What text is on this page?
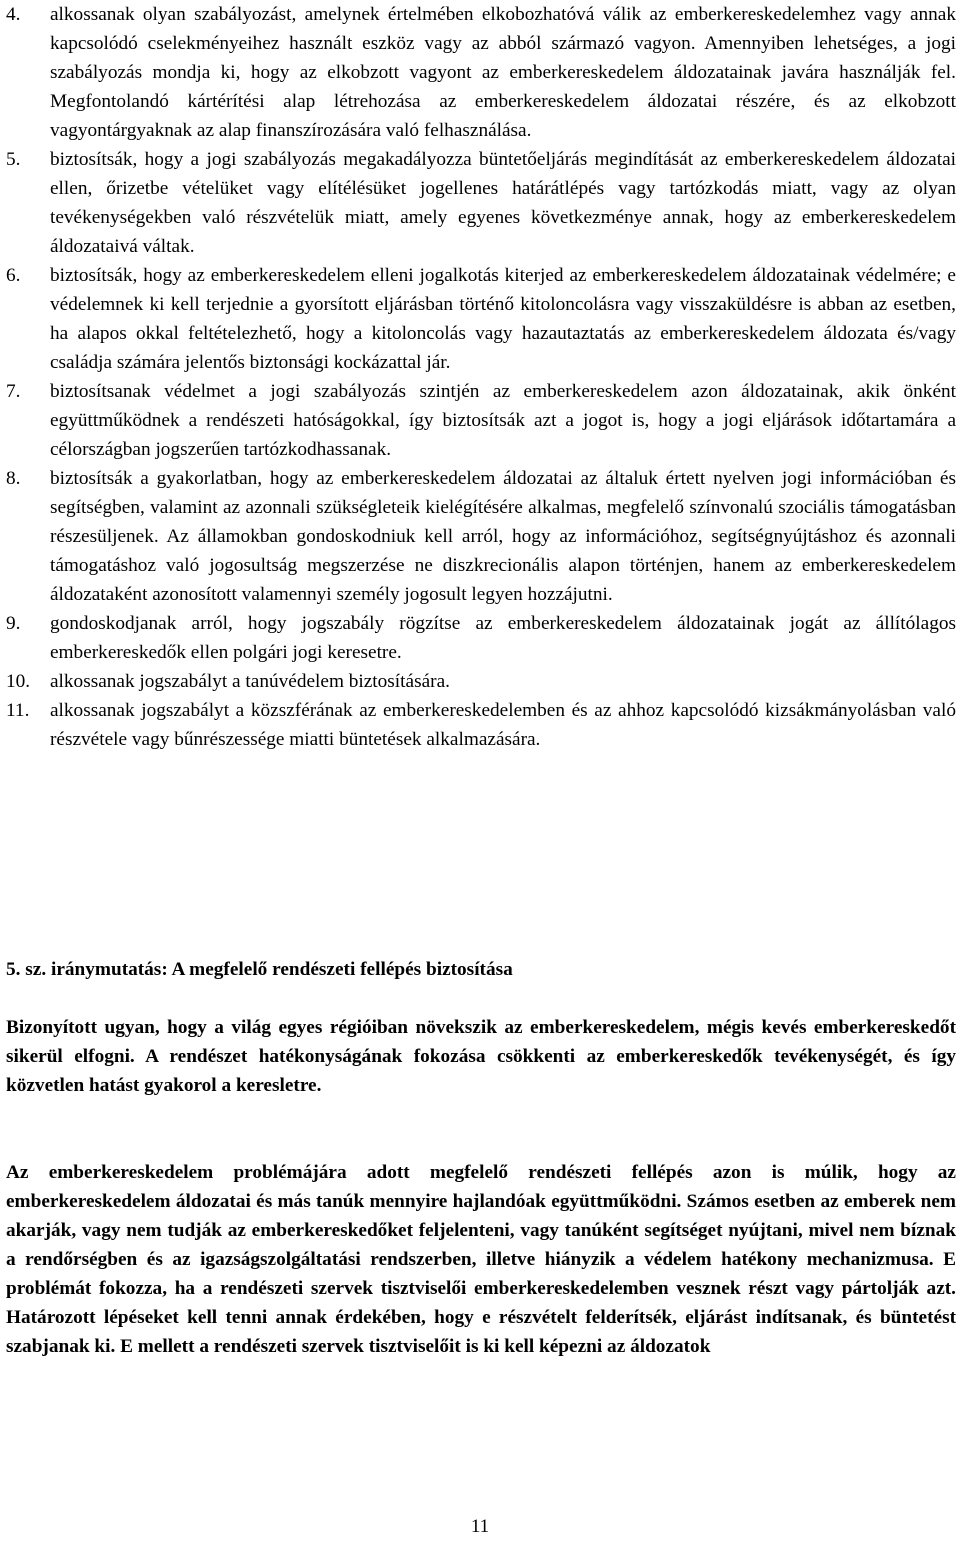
4. alkossanak olyan szabályozást, amelynek értelmében elkobozhatóvá válik az emberkereskedelemhez vagy annak kapcsolódó cselekményeihez használt eszköz vagy az abból származó vagyon. Amennyiben lehetséges, a jogi szabályozás mondja ki, hogy az elkobzott vagyont az emberkereskedelem áldozatainak javára használják fel. Megfontolandó kártérítési alap létrehozása az emberkereskedelem áldozatai részére, és az elkobzott vagyontárgyaknak az alap finanszírozására való felhasználása.
5. biztosítsák, hogy a jogi szabályozás megakadályozza büntetőeljárás megindítását az emberkereskedelem áldozatai ellen, őrizetbe vételüket vagy elítélésüket jogellenes határátlépés vagy tartózkodás miatt, vagy az olyan tevékenységekben való részvételük miatt, amely egyenes következménye annak, hogy az emberkereskedelem áldozataivá váltak.
6. biztosítsák, hogy az emberkereskedelem elleni jogalkotás kiterjed az emberkereskedelem áldozatainak védelmére; e védelemnek ki kell terjednie a gyorsított eljárásban történő kitoloncolásra vagy visszaküldésre is abban az esetben, ha alapos okkal feltételezhető, hogy a kitoloncolás vagy hazautaztatás az emberkereskedelem áldozata és/vagy családja számára jelentős biztonsági kockázattal jár.
7. biztosítsanak védelmet a jogi szabályozás szintjén az emberkereskedelem azon áldozatainak, akik önként együttműködnek a rendészeti hatóságokkal, így biztosítsák azt a jogot is, hogy a jogi eljárások időtartamára a célországban jogszerűen tartózkodhassanak.
8. biztosítsák a gyakorlatban, hogy az emberkereskedelem áldozatai az általuk értett nyelven jogi információban és segítségben, valamint az azonnali szükségleteik kielégítésére alkalmas, megfelelő színvonalú szociális támogatásban részesüljenek. Az államokban gondoskodniuk kell arról, hogy az információhoz, segítségnyújtáshoz és azonnali támogatáshoz való jogosultság megszerzése ne diszkrecionális alapon történjen, hanem az emberkereskedelem áldozataként azonosított valamennyi személy jogosult legyen hozzájutni.
9. gondoskodjanak arról, hogy jogszabály rögzítse az emberkereskedelem áldozatainak jogát az állítólagos emberkereskedők ellen polgári jogi keresetre.
10. alkossanak jogszabályt a tanúvédelem biztosítására.
11. alkossanak jogszabályt a közszférának az emberkereskedelemben és az ahhoz kapcsolódó kizsákmányolásban való részvétele vagy bűnrészessége miatti büntetések alkalmazására.

5. sz. iránymutatás: A megfelelő rendészeti fellépés biztosítása

Bizonyított ugyan, hogy a világ egyes régióiban növekszik az emberkereskedelem, mégis kevés emberkereskedőt sikerül elfogni. A rendészet hatékonyságának fokozása csökkenti az emberkereskedők tevékenységét, és így közvetlen hatást gyakorol a keresletre.

Az emberkereskedelem problémájára adott megfelelő rendészeti fellépés azon is múlik, hogy az emberkereskedelem áldozatai és más tanúk mennyire hajlandóak együttműködni. Számos esetben az emberek nem akarják, vagy nem tudják az emberkereskedőket feljelenteni, vagy tanúként segítséget nyújtani, mivel nem bíznak a rendőrségben és az igazságszolgáltatási rendszerben, illetve hiányzik a védelem hatékony mechanizmusa. E problémát fokozza, ha a rendészeti szervek tisztviselői emberkereskedelemben vesznek részt vagy pártolják azt. Határozott lépéseket kell tenni annak érdekében, hogy e részvételt felderítsék, eljárást indítsanak, és büntetést szabjanak ki. E mellett a rendészeti szervek tisztviselőit is ki kell képezni az áldozatok

11
